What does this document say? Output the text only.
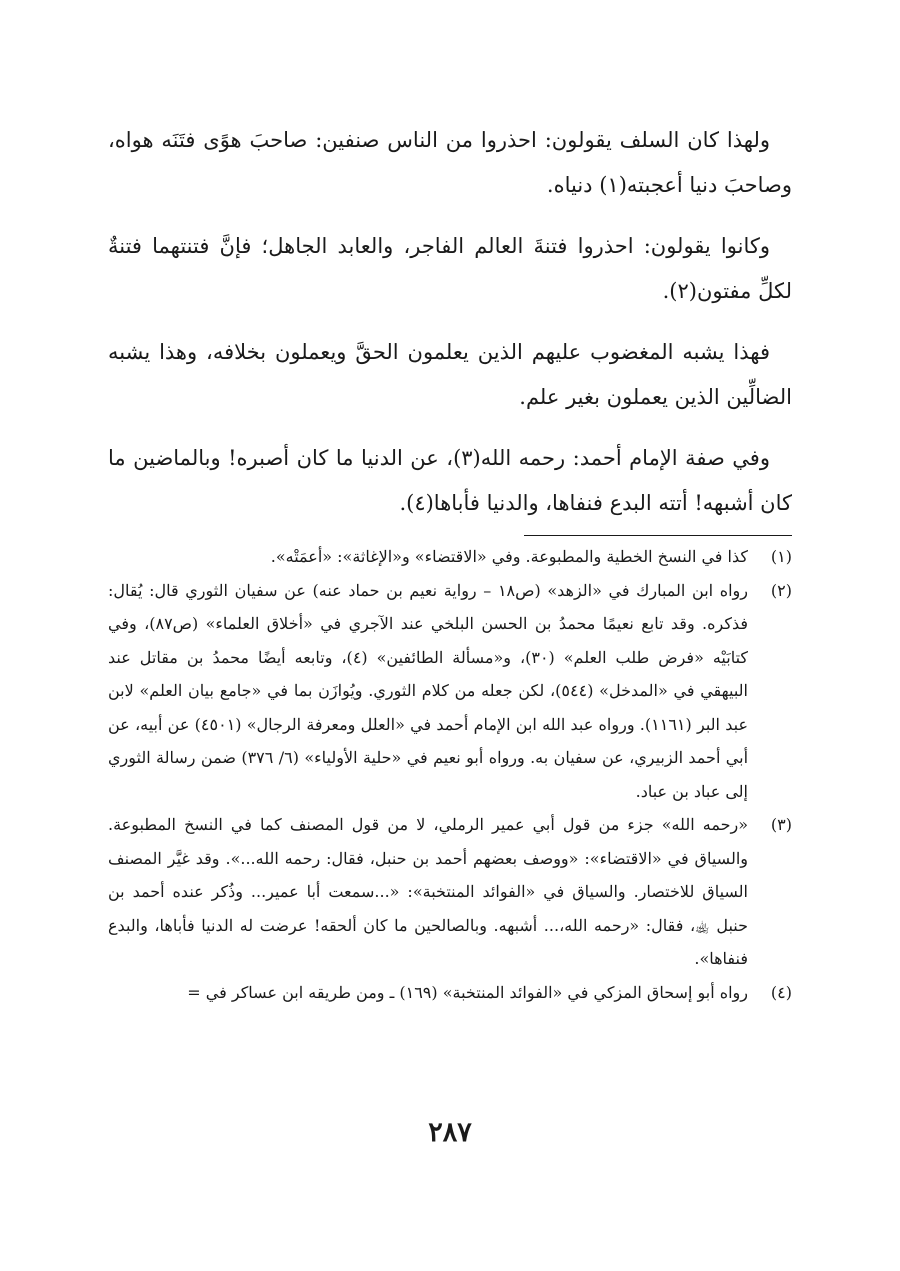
ولهذا كان السلف يقولون: احذروا من الناس صنفين: صاحبَ هوًى فتَنَه هواه، وصاحبَ دنيا أعجبته(١) دنياه.

وكانوا يقولون: احذروا فتنةَ العالم الفاجر، والعابد الجاهل؛ فإنَّ فتنتهما فتنةٌ لكلِّ مفتون(٢).

فهذا يشبه المغضوب عليهم الذين يعلمون الحقَّ ويعملون بخلافه، وهذا يشبه الضالِّين الذين يعملون بغير علم.

وفي صفة الإمام أحمد: رحمه الله(٣)، عن الدنيا ما كان أصبره! وبالماضين ما كان أشبهه! أتته البدع فنفاها، والدنيا فأباها(٤).

(١)
كذا في النسخ الخطية والمطبوعة. وفي «الاقتضاء» و«الإغاثة»: «أعمَتْه».
(٢)
رواه ابن المبارك في «الزهد» (ص١٨ – رواية نعيم بن حماد عنه) عن سفيان الثوري قال: يُقال: فذكره. وقد تابع نعيمًا محمدُ بن الحسن البلخي عند الآجري في «أخلاق العلماء» (ص٨٧)، وفي كتابَيْه «فرض طلب العلم» (٣٠)، و«مسألة الطائفين» (٤)، وتابعه أيضًا محمدُ بن مقاتل عند البيهقي في «المدخل» (٥٤٤)، لكن جعله من كلام الثوري. ويُوازَن بما في «جامع بيان العلم» لابن عبد البر (١١٦١). ورواه عبد الله ابن الإمام أحمد في «العلل ومعرفة الرجال» (٤٥٠١) عن أبيه، عن أبي أحمد الزبيري، عن سفيان به. ورواه أبو نعيم في «حلية الأولياء» (٦/ ٣٧٦) ضمن رسالة الثوري إلى عباد بن عباد.
(٣)
«رحمه الله» جزء من قول أبي عمير الرملي، لا من قول المصنف كما في النسخ المطبوعة. والسياق في «الاقتضاء»: «ووصف بعضهم أحمد بن حنبل، فقال: رحمه الله...». وقد غيَّر المصنف السياق للاختصار. والسياق في «الفوائد المنتخبة»: «...سمعت أبا عمير... وذُكر عنده أحمد بن حنبل ﵀، فقال: «رحمه الله،... أشبهه. وبالصالحين ما كان ألحقه! عرضت له الدنيا فأباها، والبدع فنفاها».
(٤)
رواه أبو إسحاق المزكي في «الفوائد المنتخبة» (١٦٩) ـ ومن طريقه ابن عساكر في =
٢٨٧
